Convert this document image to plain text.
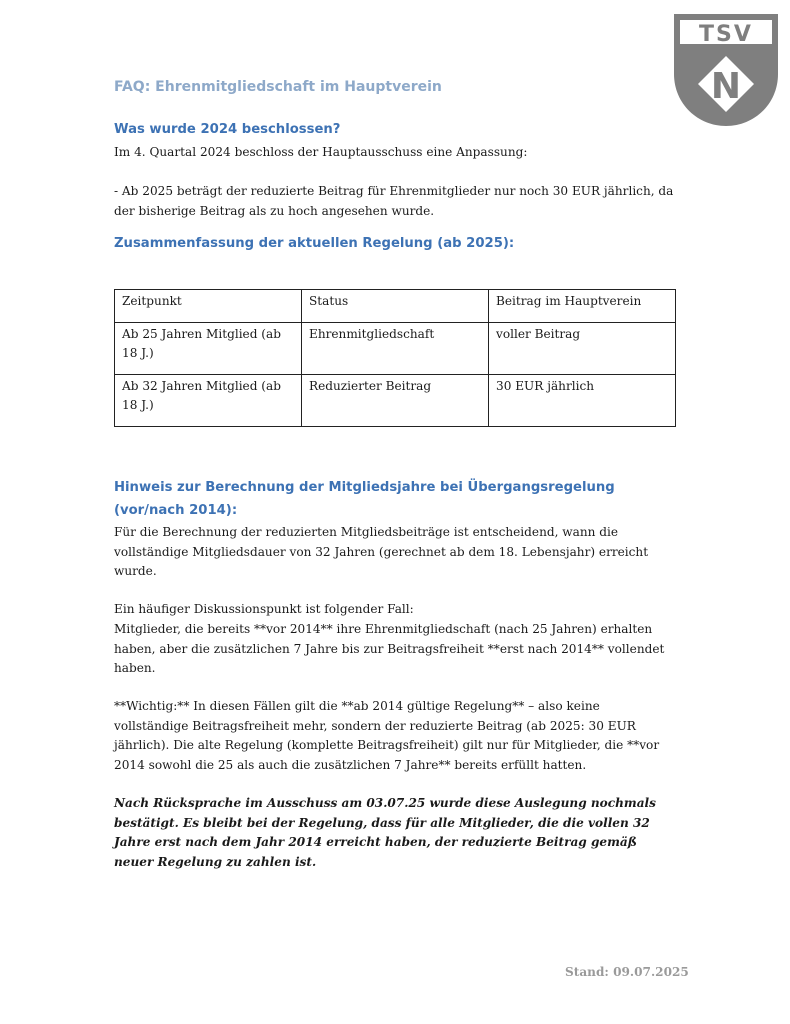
TSV
N
FAQ: Ehrenmitgliedschaft im Hauptverein
Was wurde 2024 beschlossen?

Im 4. Quartal 2024 beschloss der Hauptausschuss eine Anpassung:

- Ab 2025 beträgt der reduzierte Beitrag für Ehrenmitglieder nur noch 30 EUR jährlich, da der bisherige Beitrag als zu hoch angesehen wurde.

Zusammenfassung der aktuellen Regelung (ab 2025):
Zeitpunkt	Status	Beitrag im Hauptverein
Ab 25 Jahren Mitglied (ab 18 J.)	Ehrenmitgliedschaft	voller Beitrag
Ab 32 Jahren Mitglied (ab 18 J.)	Reduzierter Beitrag	30 EUR jährlich
Hinweis zur Berechnung der Mitgliedsjahre bei Übergangsregelung (vor/nach 2014):

Für die Berechnung der reduzierten Mitgliedsbeiträge ist entscheidend, wann die vollständige Mitgliedsdauer von 32 Jahren (gerechnet ab dem 18. Lebensjahr) erreicht wurde.

Ein häufiger Diskussionspunkt ist folgender Fall:

Mitglieder, die bereits **vor 2014** ihre Ehrenmitgliedschaft (nach 25 Jahren) erhalten haben, aber die zusätzlichen 7 Jahre bis zur Beitragsfreiheit **erst nach 2014** vollendet haben.

**Wichtig:** In diesen Fällen gilt die **ab 2014 gültige Regelung** – also keine vollständige Beitragsfreiheit mehr, sondern der reduzierte Beitrag (ab 2025: 30 EUR jährlich). Die alte Regelung (komplette Beitragsfreiheit) gilt nur für Mitglieder, die **vor 2014 sowohl die 25 als auch die zusätzlichen 7 Jahre** bereits erfüllt hatten.

Nach Rücksprache im Ausschuss am 03.07.25 wurde diese Auslegung nochmals bestätigt. Es bleibt bei der Regelung, dass für alle Mitglieder, die die vollen 32 Jahre erst nach dem Jahr 2014 erreicht haben, der reduzierte Beitrag gemäß neuer Regelung zu zahlen ist.

Stand: 09.07.2025
